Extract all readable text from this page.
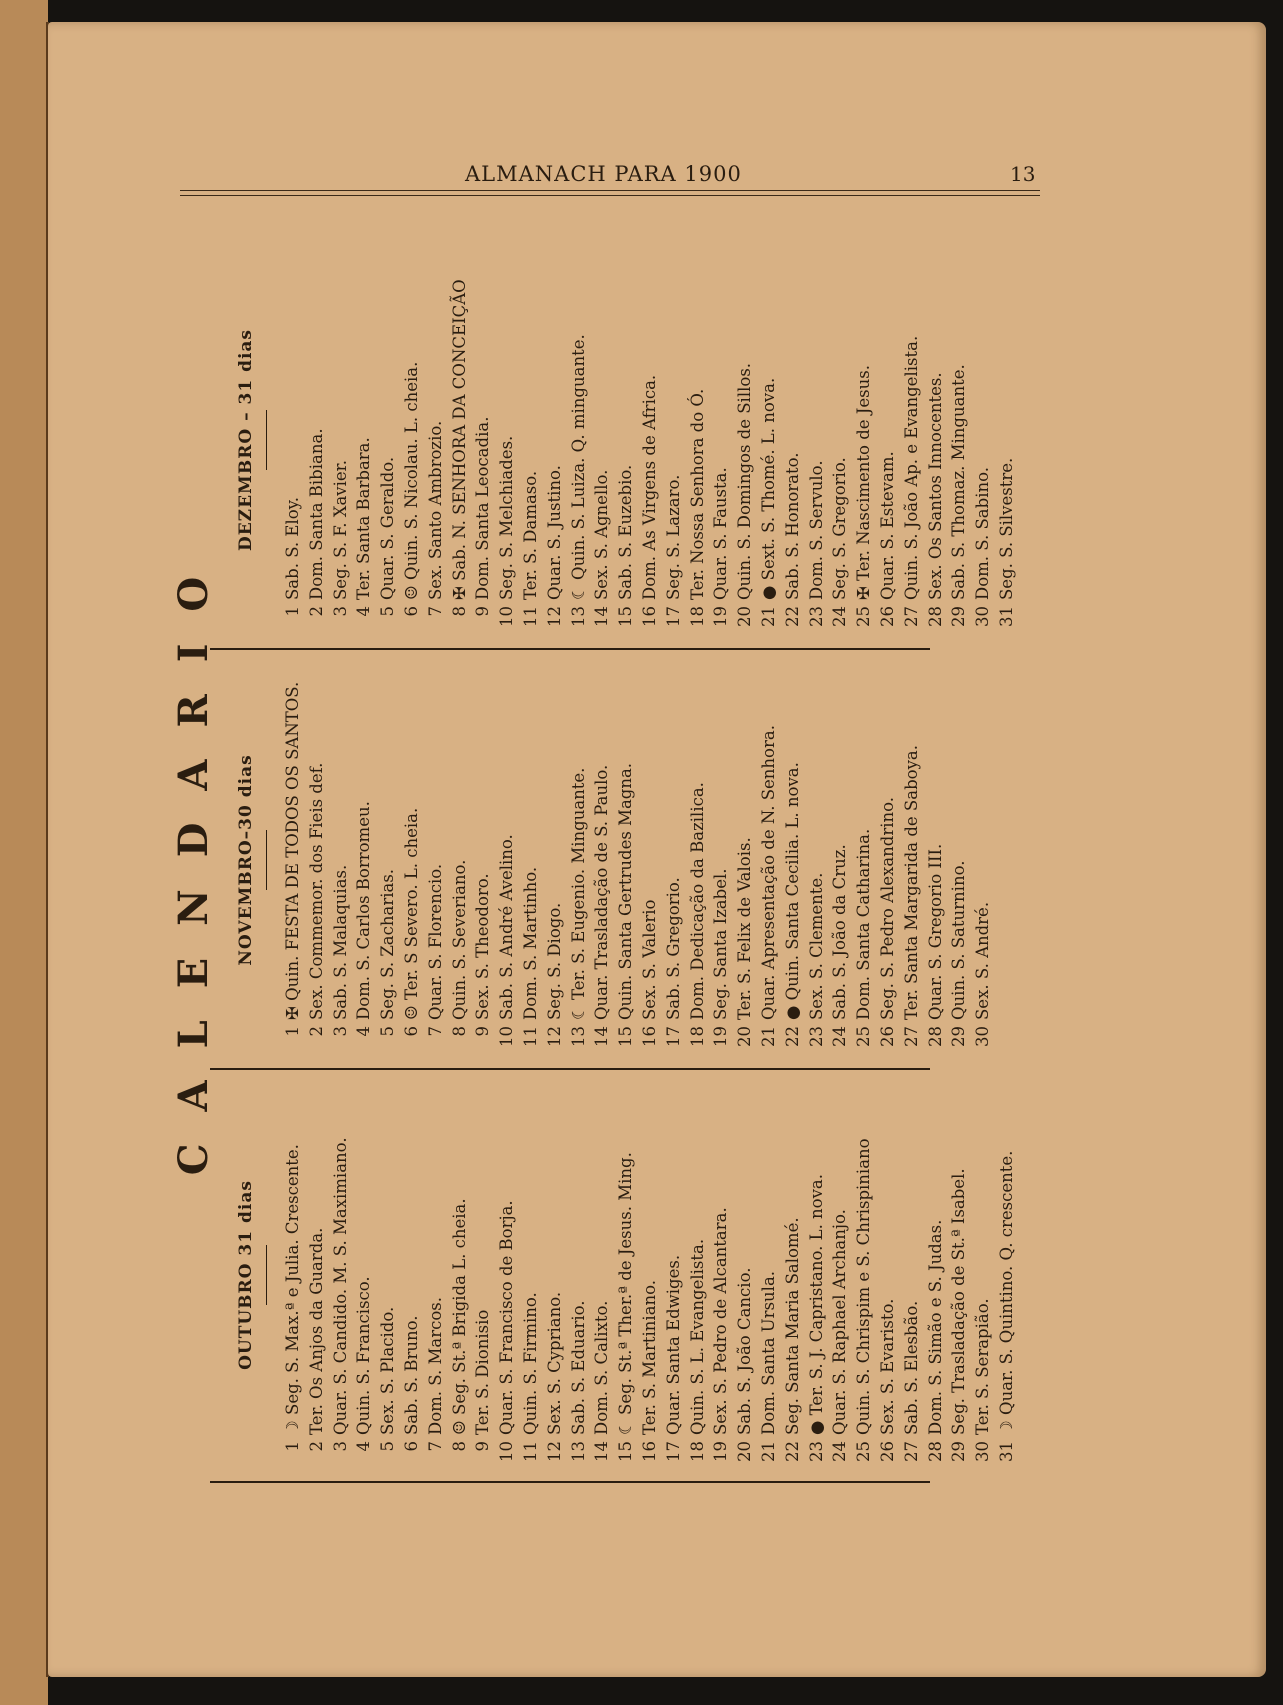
ALMANACH PARA 1900	13
CALENDARIO
OUTUBRO 31 dias
1
☽ Seg. S. Max.ª e Julia. Crescente.
2
Ter. Os Anjos da Guarda.
3
Quar. S. Candido. M. S. Maximiano.
4
Quin. S. Francisco.
5
Sex. S. Placido.
6
Sab. S. Bruno.
7
Dom. S. Marcos.
8
☺ Seg. St.ª Brigida L. cheia.
9
Ter. S. Dionisio
10
Quar. S. Francisco de Borja.
11
Quin. S. Firmino.
12
Sex. S. Cypriano.
13
Sab. S. Eduario.
14
Dom. S. Calixto.
15
☾ Seg. St.ª Ther.ª de Jesus. Ming.
16
Ter. S. Martiniano.
17
Quar. Santa Edwiges.
18
Quin. S. L. Evangelista.
19
Sex. S. Pedro de Alcantara.
20
Sab. S. João Cancio.
21
Dom. Santa Ursula.
22
Seg. Santa Maria Salomé.
23
● Ter. S. J. Capristano. L. nova.
24
Quar. S. Raphael Archanjo.
25
Quin. S. Chrispim e S. Chrispiniano
26
Sex. S. Evaristo.
27
Sab. S. Elesbão.
28
Dom. S. Simão e S. Judas.
29
Seg. Trasladação de St.ª Isabel.
30
Ter. S. Serapião.
31
☽ Quar. S. Quintino. Q. crescente.
NOVEMBRO–30 dias
1
✠ Quin. FESTA DE TODOS OS SANTOS.
2
Sex. Commemor. dos Fieis def.
3
Sab. S. Malaquias.
4
Dom. S. Carlos Borromeu.
5
Seg. S. Zacharias.
6
☺ Ter. S Severo. L. cheia.
7
Quar. S. Florencio.
8
Quin. S. Severiano.
9
Sex. S. Theodoro.
10
Sab. S. André Avelino.
11
Dom. S. Martinho.
12
Seg. S. Diogo.
13
☾ Ter. S. Eugenio. Minguante.
14
Quar. Trasladação de S. Paulo.
15
Quin. Santa Gertrudes Magna.
16
Sex. S. Valerio
17
Sab. S. Gregorio.
18
Dom. Dedicação da Bazilica.
19
Seg. Santa Izabel.
20
Ter. S. Felix de Valois.
21
Quar. Apresentação de N. Senhora.
22
● Quin. Santa Cecilia. L. nova.
23
Sex. S. Clemente.
24
Sab. S. João da Cruz.
25
Dom. Santa Catharina.
26
Seg. S. Pedro Alexandrino.
27
Ter. Santa Margarida de Saboya.
28
Quar. S. Gregorio III.
29
Quin. S. Saturnino.
30
Sex. S. André.
DEZEMBRO – 31 dias
1
Sab. S. Eloy.
2
Dom. Santa Bibiana.
3
Seg. S. F. Xavier.
4
Ter. Santa Barbara.
5
Quar. S. Geraldo.
6
☺ Quin. S. Nicolau. L. cheia.
7
Sex. Santo Ambrozio.
8
✠ Sab. N. SENHORA DA CONCEIÇÃO
9
Dom. Santa Leocadia.
10
Seg. S. Melchiades.
11
Ter. S. Damaso.
12
Quar. S. Justino.
13
☾ Quin. S. Luiza. Q. minguante.
14
Sex. S. Agnello.
15
Sab. S. Euzebio.
16
Dom. As Virgens de Africa.
17
Seg. S. Lazaro.
18
Ter. Nossa Senhora do Ó.
19
Quar. S. Fausta.
20
Quin. S. Domingos de Sillos.
21
● Sext. S. Thomé. L. nova.
22
Sab. S. Honorato.
23
Dom. S. Servulo.
24
Seg. S. Gregorio.
25
✠ Ter. Nascimento de Jesus.
26
Quar. S. Estevam.
27
Quin. S. João Ap. e Evangelista.
28
Sex. Os Santos Innocentes.
29
Sab. S. Thomaz. Minguante.
30
Dom. S. Sabino.
31
Seg. S. Silvestre.
